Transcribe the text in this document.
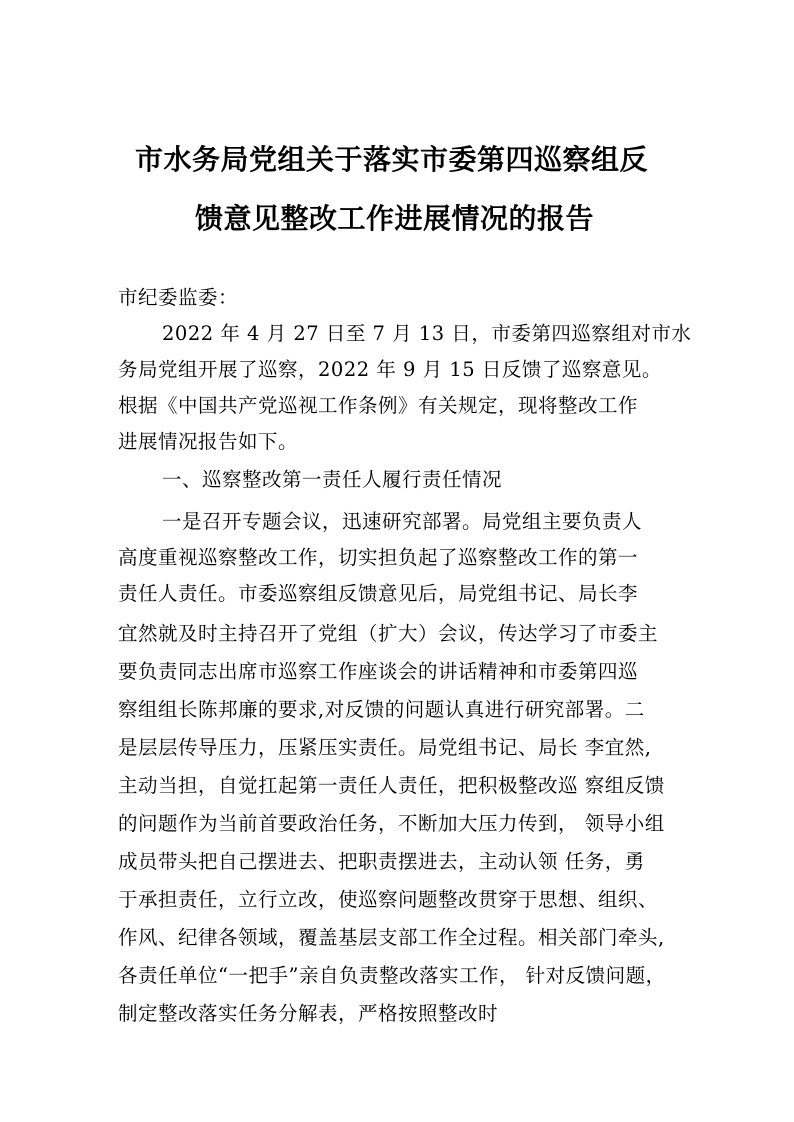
市水务局党组关于落实市委第四巡察组反
馈意见整改工作进展情况的报告
市纪委监委：
2022 年 4 月 27 日至 7 月 13 日，市委第四巡察组对市水
务局党组开展了巡察，2022 年 9 月 15 日反馈了巡察意见。
根据《中国共产党巡视工作条例》有关规定，现将整改工作
进展情况报告如下。
一、巡察整改第一责任人履行责任情况
一是召开专题会议，迅速研究部署。局党组主要负责人
高度重视巡察整改工作，切实担负起了巡察整改工作的第一
责任人责任。市委巡察组反馈意见后，局党组书记、局长李
宜然就及时主持召开了党组（扩大）会议，传达学习了市委主
要负责同志出席市巡察工作座谈会的讲话精神和市委第四巡
察组组长陈邦廉的要求,对反馈的问题认真进行研究部署。二
是层层传导压力，压紧压实责任。局党组书记、局长 李宜然,
主动当担，自觉扛起第一责任人责任，把积极整改巡 察组反馈
的问题作为当前首要政治任务，不断加大压力传到， 领导小组
成员带头把自己摆进去、把职责摆进去，主动认领 任务，勇
于承担责任，立行立改，使巡察问题整改贯穿于思想、组织、
作风、纪律各领域，覆盖基层支部工作全过程。相关部门牵头,
各责任单位“一把手”亲自负责整改落实工作， 针对反馈问题，
制定整改落实任务分解表，严格按照整改时
